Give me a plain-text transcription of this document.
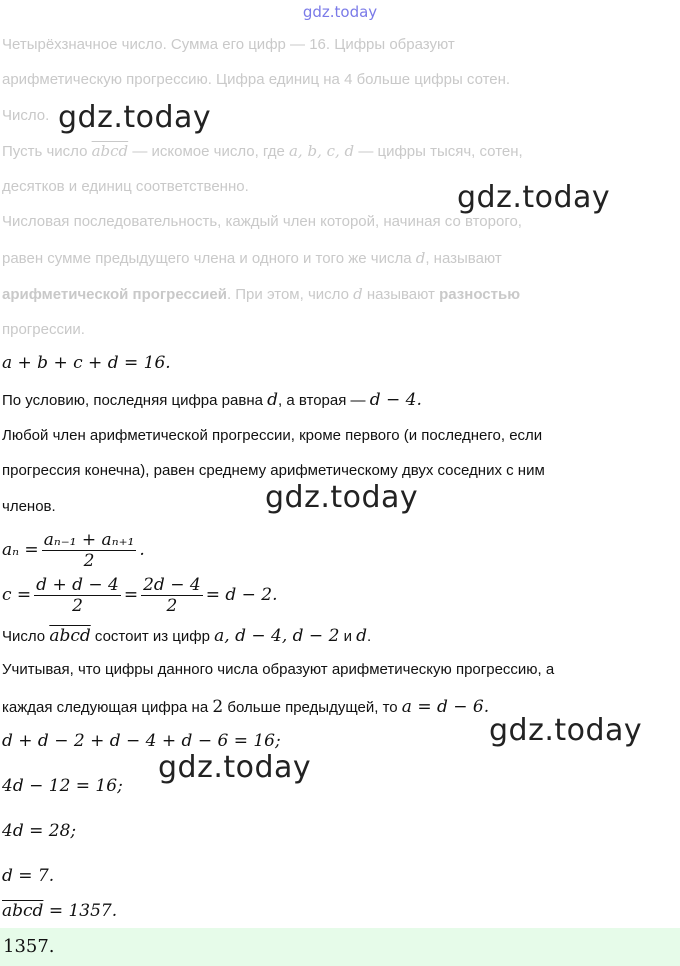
gdz.today
Четырёхзначное число. Сумма его цифр — 16. Цифры образуют
арифметическую прогрессию. Цифра единиц на 4 больше цифры сотен.
Число.
Пусть число abcd — искомое число, где a, b, c, d — цифры тысяч, сотен,
десятков и единиц соответственно.
Числовая последовательность, каждый член которой, начиная со второго,
равен сумме предыдущего члена и одного и того же числа d, называют
арифметической прогрессией. При этом, число d называют разностью
прогрессии.
a + b + c + d = 16.
По условию, последняя цифра равна d, а вторая — d − 4.
Любой член арифметической прогрессии, кроме первого (и последнего, если
прогрессия конечна), равен среднему арифметическому двух соседних с ним
членов.
$a_n = \frac{\text{aₙ₋₁ + aₙ₊₁}}{2}$ .
$c = \frac{d + d - 4}{2} = \frac{2d - 4}{2} = d - 2$.
Число abcd состоит из цифр a, d − 4, d − 2 и d.
Учитывая, что цифры данного числа образуют арифметическую прогрессию, а
каждая следующая цифра на 2 больше предыдущей, то a = d − 6.
d + d − 2 + d − 4 + d − 6 = 16;
4d − 12 = 16;
4d = 28;
d = 7.
abcd = 1357.
1357.
gdz.today
gdz.today
gdz.today
gdz.today
gdz.today
